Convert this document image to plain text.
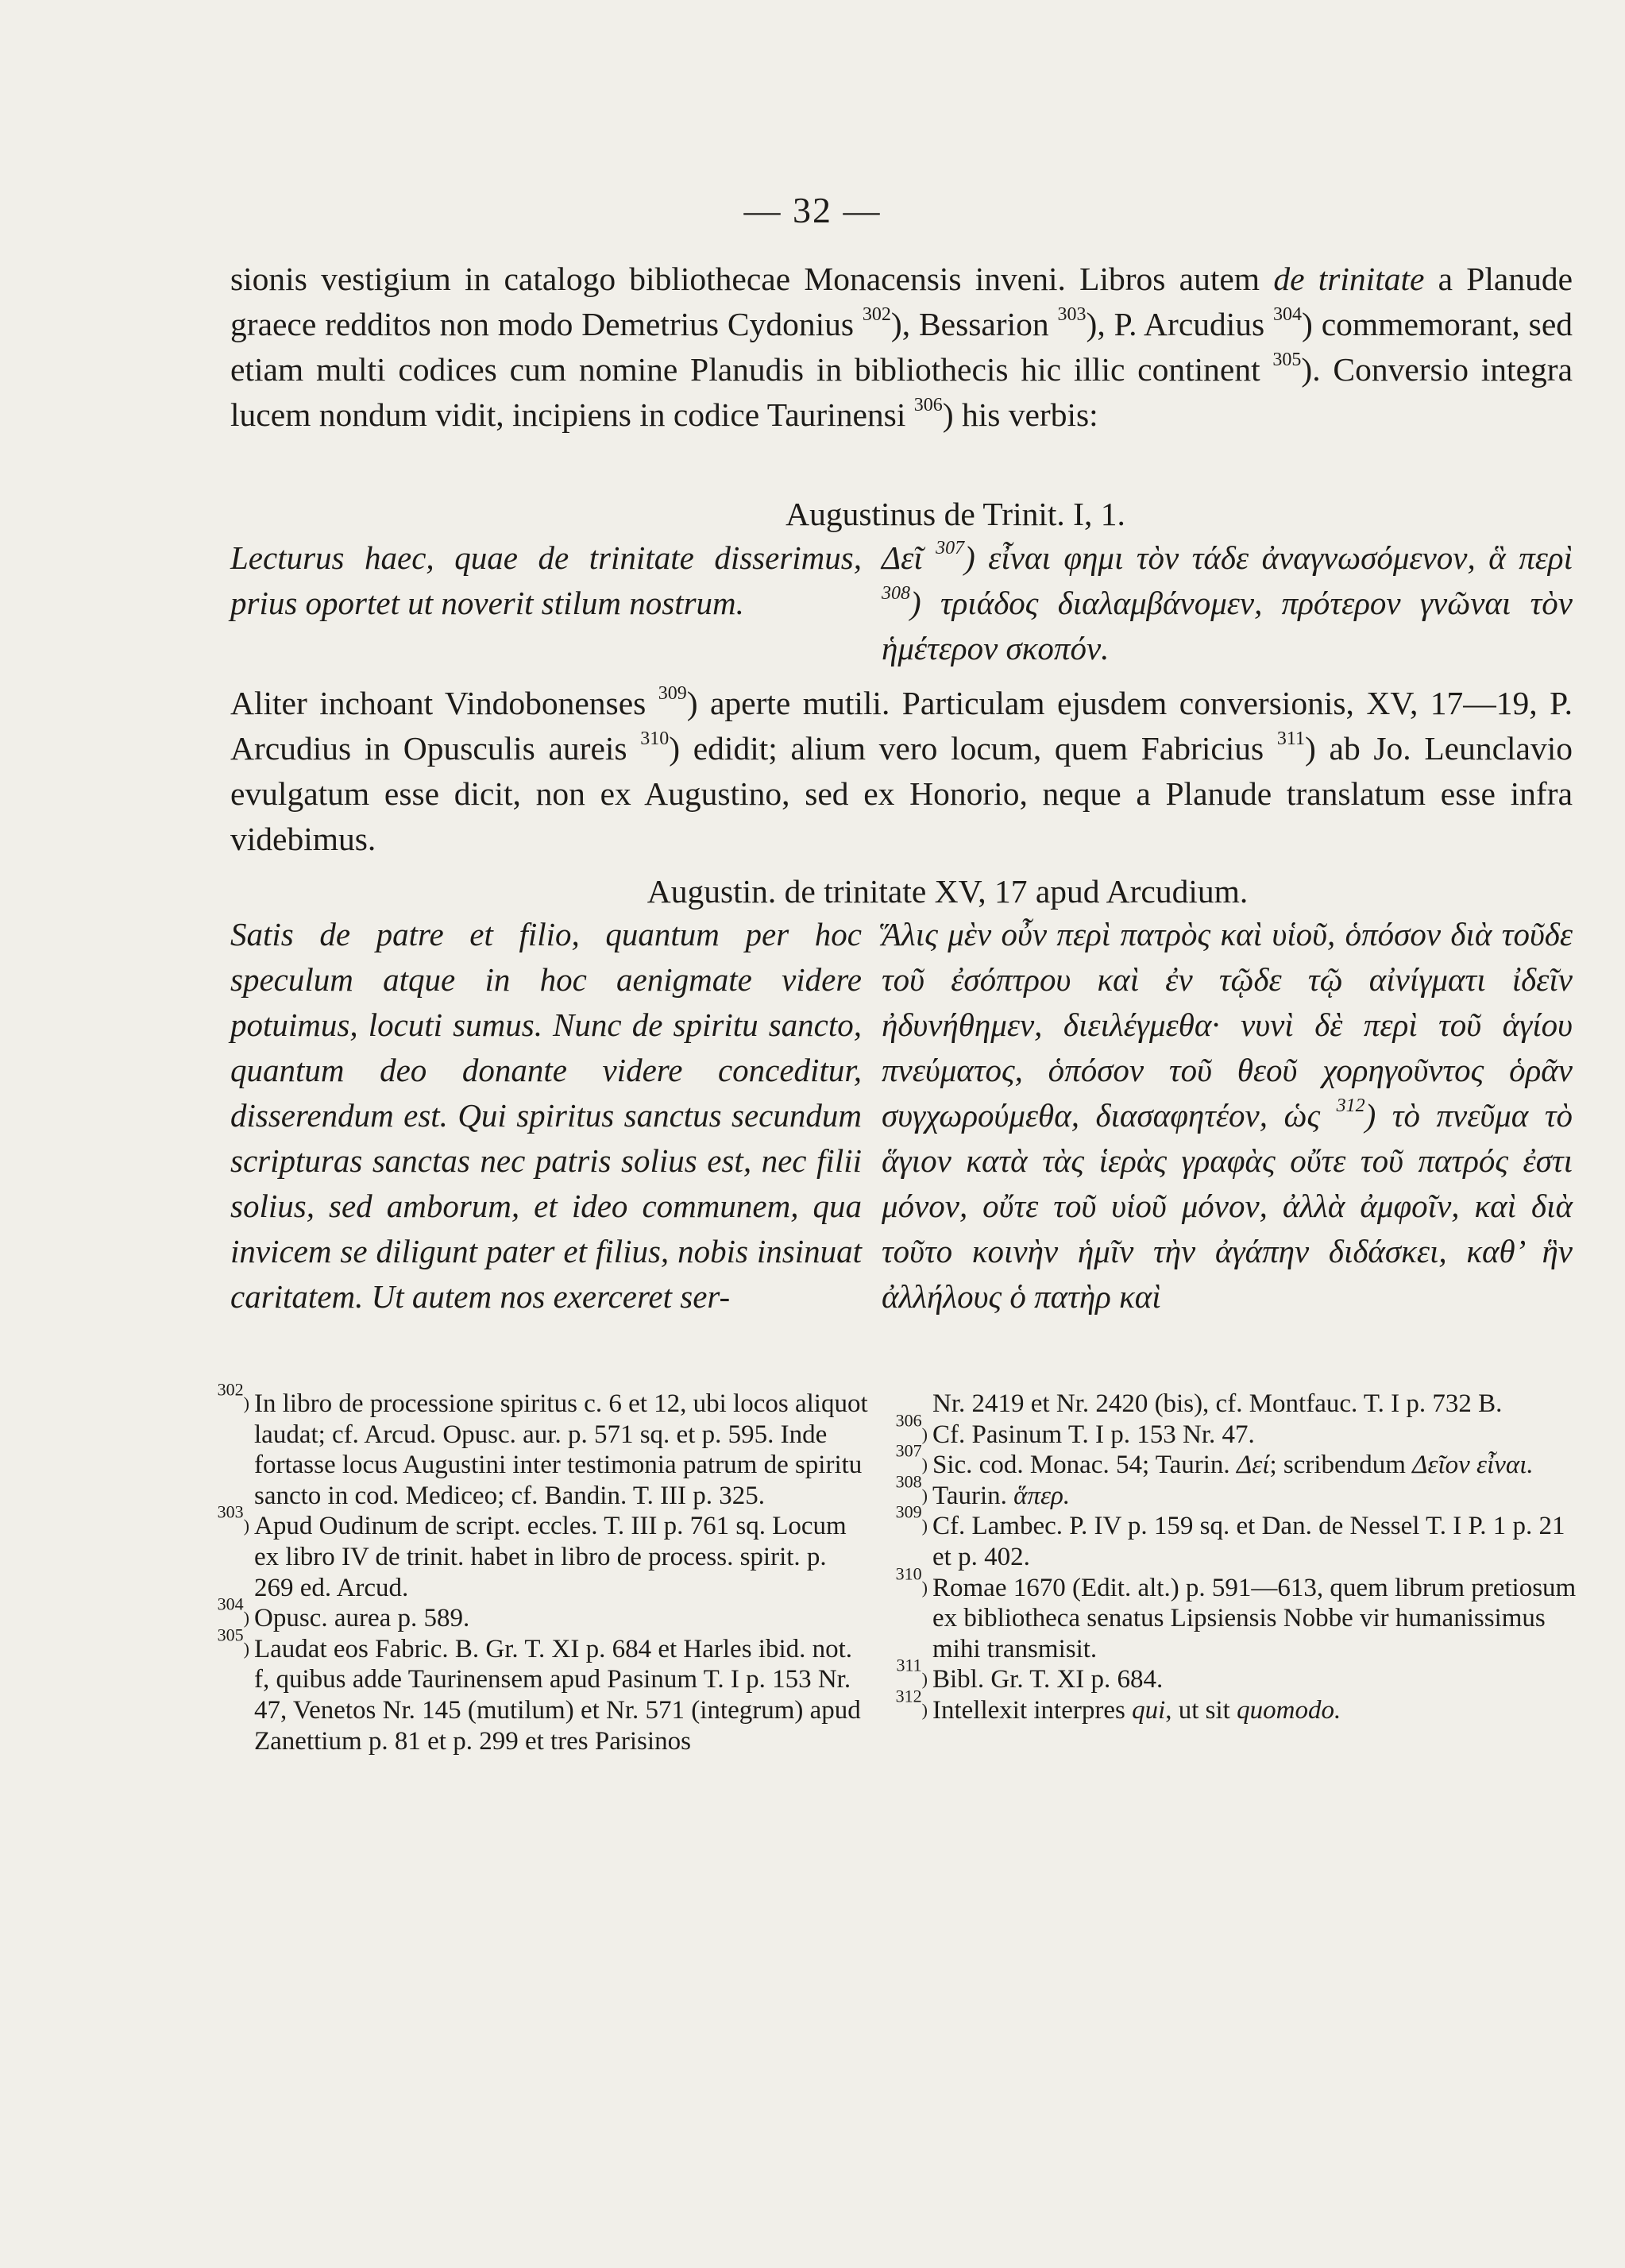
— 32 —
sionis vestigium in catalogo bibliothecae Monacensis inveni. Libros autem de trinitate a Planude graece redditos non modo Demetrius Cydonius $^{302}$), Bessarion $^{303}$), P. Arcudius $^{304}$) commemorant, sed etiam multi codices cum nomine Planudis in bibliothecis hic illic continent $^{305}$). Conversio integra lucem nondum vidit, incipiens in codice Taurinensi $^{306}$) his verbis:
Augustinus de Trinit. I, 1.
Lecturus haec, quae de trinitate disserimus, prius oportet ut noverit stilum nostrum.
Δεῖ $^{307}$) εἶναι φημι τὸν τάδε ἀναγνωσόμενον, ἃ περὶ $^{308}$) τριάδος διαλαμβάνομεν, πρότερον γνῶναι τὸν ἡμέτερον σκοπόν.
Aliter inchoant Vindobonenses $^{309}$) aperte mutili. Particulam ejusdem conversionis, XV, 17—19, P. Arcudius in Opusculis aureis $^{310}$) edidit; alium vero locum, quem Fabricius $^{311}$) ab Jo. Leunclavio evulgatum esse dicit, non ex Augustino, sed ex Honorio, neque a Planude translatum esse infra videbimus.
Augustin. de trinitate XV, 17 apud Arcudium.
Satis de patre et filio, quantum per hoc speculum atque in hoc aenigmate videre potuimus, locuti sumus. Nunc de spiritu sancto, quantum deo donante videre conceditur, disserendum est. Qui spiritus sanctus secundum scripturas sanctas nec patris solius est, nec filii solius, sed amborum, et ideo communem, qua invicem se diligunt pater et filius, nobis insinuat caritatem. Ut autem nos exerceret ser-
Ἅλις μὲν οὖν περὶ πατρὸς καὶ υἱοῦ, ὁπόσον διὰ τοῦδε τοῦ ἐσόπτρου καὶ ἐν τῷδε τῷ αἰνίγματι ἰδεῖν ἠδυνήθημεν, διειλέγμεθα· νυνὶ δὲ περὶ τοῦ ἁγίου πνεύματος, ὁπόσον τοῦ θεοῦ χορηγοῦντος ὁρᾶν συγχωρούμεθα, διασαφητέον, ὡς $^{312}$) τὸ πνεῦμα τὸ ἅγιον κατὰ τὰς ἱερὰς γραφὰς οὔτε τοῦ πατρός ἐστι μόνον, οὔτε τοῦ υἱοῦ μόνον, ἀλλὰ ἀμφοῖν, καὶ διὰ τοῦτο κοινὴν ἡμῖν τὴν ἀγάπην διδάσκει, καθ’ ἣν ἀλλήλους ὁ πατὴρ καὶ
$^{302}$) In libro de processione spiritus c. 6 et 12, ubi locos aliquot laudat; cf. Arcud. Opusc. aur. p. 571 sq. et p. 595. Inde fortasse locus Augustini inter testimonia patrum de spiritu sancto in cod. Mediceo; cf. Bandin. T. III p. 325.
$^{303}$) Apud Oudinum de script. eccles. T. III p. 761 sq. Locum ex libro IV de trinit. habet in libro de process. spirit. p. 269 ed. Arcud.
$^{304}$) Opusc. aurea p. 589.
$^{305}$) Laudat eos Fabric. B. Gr. T. XI p. 684 et Harles ibid. not. f, quibus adde Taurinensem apud Pasinum T. I p. 153 Nr. 47, Venetos Nr. 145 (mutilum) et Nr. 571 (integrum) apud Zanettium p. 81 et p. 299 et tres Parisinos
Nr. 2419 et Nr. 2420 (bis), cf. Montfauc. T. I p. 732 B.
$^{306}$) Cf. Pasinum T. I p. 153 Nr. 47.
$^{307}$) Sic. cod. Monac. 54; Taurin. Δεί; scribendum Δεῖον εἶναι.
$^{308}$) Taurin. ἅπερ.
$^{309}$) Cf. Lambec. P. IV p. 159 sq. et Dan. de Nessel T. I P. 1 p. 21 et p. 402.
$^{310}$) Romae 1670 (Edit. alt.) p. 591—613, quem librum pretiosum ex bibliotheca senatus Lipsiensis Nobbe vir humanissimus mihi transmisit.
$^{311}$) Bibl. Gr. T. XI p. 684.
$^{312}$) Intellexit interpres qui, ut sit quomodo.
